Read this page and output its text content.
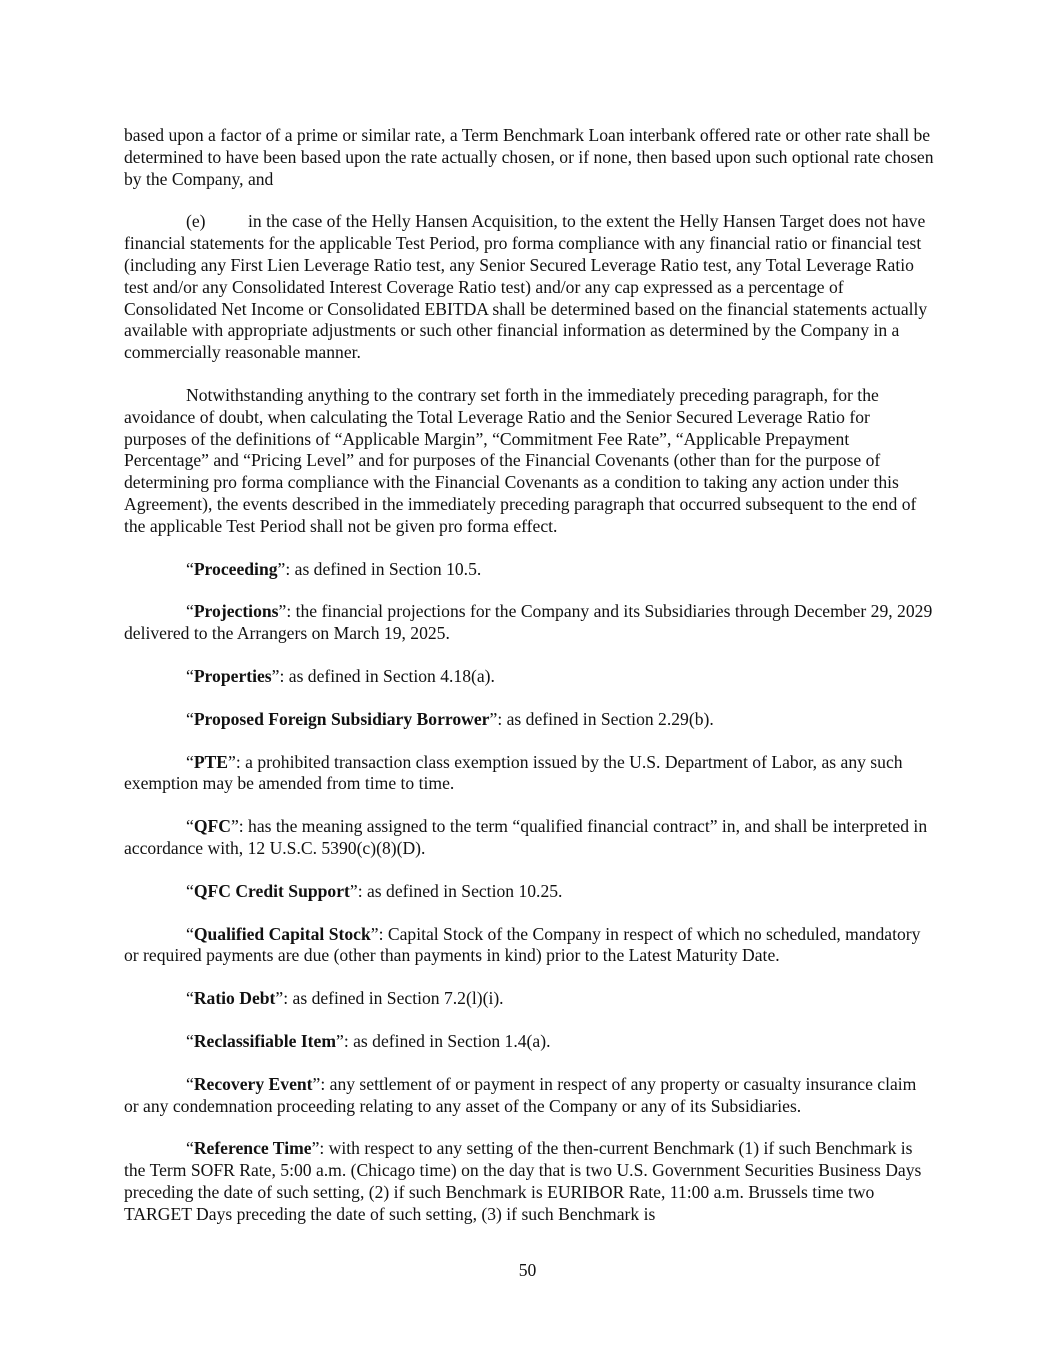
based upon a factor of a prime or similar rate, a Term Benchmark Loan interbank offered rate or other rate shall be determined to have been based upon the rate actually chosen, or if none, then based upon such optional rate chosen by the Company, and

(e) in the case of the Helly Hansen Acquisition, to the extent the Helly Hansen Target does not have financial statements for the applicable Test Period, pro forma compliance with any financial ratio or financial test (including any First Lien Leverage Ratio test, any Senior Secured Leverage Ratio test, any Total Leverage Ratio test and/or any Consolidated Interest Coverage Ratio test) and/or any cap expressed as a percentage of Consolidated Net Income or Consolidated EBITDA shall be determined based on the financial statements actually available with appropriate adjustments or such other financial information as determined by the Company in a commercially reasonable manner.

Notwithstanding anything to the contrary set forth in the immediately preceding paragraph, for the avoidance of doubt, when calculating the Total Leverage Ratio and the Senior Secured Leverage Ratio for purposes of the definitions of “Applicable Margin”, “Commitment Fee Rate”, “Applicable Prepayment Percentage” and “Pricing Level” and for purposes of the Financial Covenants (other than for the purpose of determining pro forma compliance with the Financial Covenants as a condition to taking any action under this Agreement), the events described in the immediately preceding paragraph that occurred subsequent to the end of the applicable Test Period shall not be given pro forma effect.

“Proceeding”: as defined in Section 10.5.

“Projections”: the financial projections for the Company and its Subsidiaries through December 29, 2029 delivered to the Arrangers on March 19, 2025.

“Properties”: as defined in Section 4.18(a).

“Proposed Foreign Subsidiary Borrower”: as defined in Section 2.29(b).

“PTE”: a prohibited transaction class exemption issued by the U.S. Department of Labor, as any such exemption may be amended from time to time.

“QFC”: has the meaning assigned to the term “qualified financial contract” in, and shall be interpreted in accordance with, 12 U.S.C. 5390(c)(8)(D).

“QFC Credit Support”: as defined in Section 10.25.

“Qualified Capital Stock”: Capital Stock of the Company in respect of which no scheduled, mandatory or required payments are due (other than payments in kind) prior to the Latest Maturity Date.

“Ratio Debt”: as defined in Section 7.2(l)(i).

“Reclassifiable Item”: as defined in Section 1.4(a).

“Recovery Event”: any settlement of or payment in respect of any property or casualty insurance claim or any condemnation proceeding relating to any asset of the Company or any of its Subsidiaries.

“Reference Time”: with respect to any setting of the then-current Benchmark (1) if such Benchmark is the Term SOFR Rate, 5:00 a.m. (Chicago time) on the day that is two U.S. Government Securities Business Days preceding the date of such setting, (2) if such Benchmark is EURIBOR Rate, 11:00 a.m. Brussels time two TARGET Days preceding the date of such setting, (3) if such Benchmark is

50
